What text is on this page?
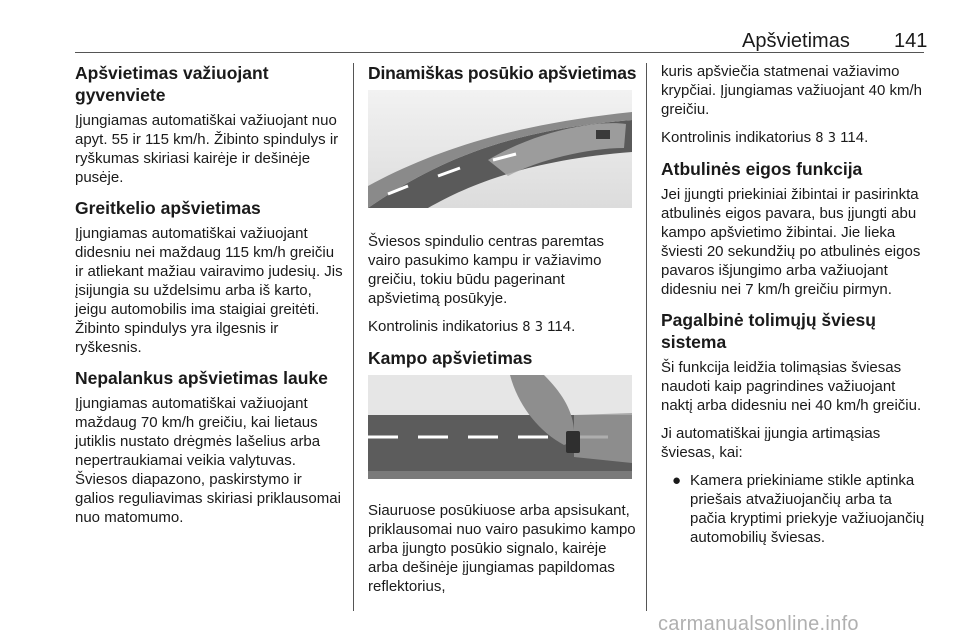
Apšvietimas 141
Apšvietimas važiuojant gyvenviete

Įjungiamas automatiškai važiuojant nuo apyt. 55 ir 115 km/h. Žibinto spindulys ir ryškumas skiriasi kairėje ir dešinėje pusėje.

Greitkelio apšvietimas

Įjungiamas automatiškai važiuojant didesniu nei maždaug 115 km/h greičiu ir atliekant mažiau vairavimo judesių. Jis įsijungia su uždelsimu arba iš karto, jeigu automobilis ima staigiai greitėti. Žibinto spindulys yra ilgesnis ir ryškesnis.

Nepalankus apšvietimas lauke

Įjungiamas automatiškai važiuojant maždaug 70 km/h greičiu, kai lietaus jutiklis nustato drėgmės lašelius arba nepertraukiamai veikia valytuvas. Šviesos diapazono, paskirstymo ir galios reguliavimas skiriasi priklausomai nuo matomumo.

Dinamiškas posūkio apšvietimas

Šviesos spindulio centras paremtas vairo pasukimo kampu ir važiavimo greičiu, tokiu būdu pagerinant apšvietimą posūkyje.

Kontrolinis indikatorius 8 3 114.

Kampo apšvietimas

Siauruose posūkiuose arba apsisukant, priklausomai nuo vairo pasukimo kampo arba įjungto posūkio signalo, kairėje arba dešinėje įjungiamas papildomas reflektorius,

kuris apšviečia statmenai važiavimo krypčiai. Įjungiamas važiuojant 40 km/h greičiu.

Kontrolinis indikatorius 8 3 114.

Atbulinės eigos funkcija

Jei įjungti priekiniai žibintai ir pasirinkta atbulinės eigos pavara, bus įjungti abu kampo apšvietimo žibintai. Jie lieka šviesti 20 sekundžių po atbulinės eigos pavaros išjungimo arba važiuojant didesniu nei 7 km/h greičiu pirmyn.

Pagalbinė tolimųjų šviesų sistema

Ši funkcija leidžia tolimąsias šviesas naudoti kaip pagrindines važiuojant naktį arba didesniu nei 40 km/h greičiu.

Ji automatiškai įjungia artimąsias šviesas, kai:

● Kamera priekiniame stikle aptinka priešais atvažiuojančių arba ta pačia kryptimi priekyje važiuojančių automobilių šviesas.
carmanualsonline.info
